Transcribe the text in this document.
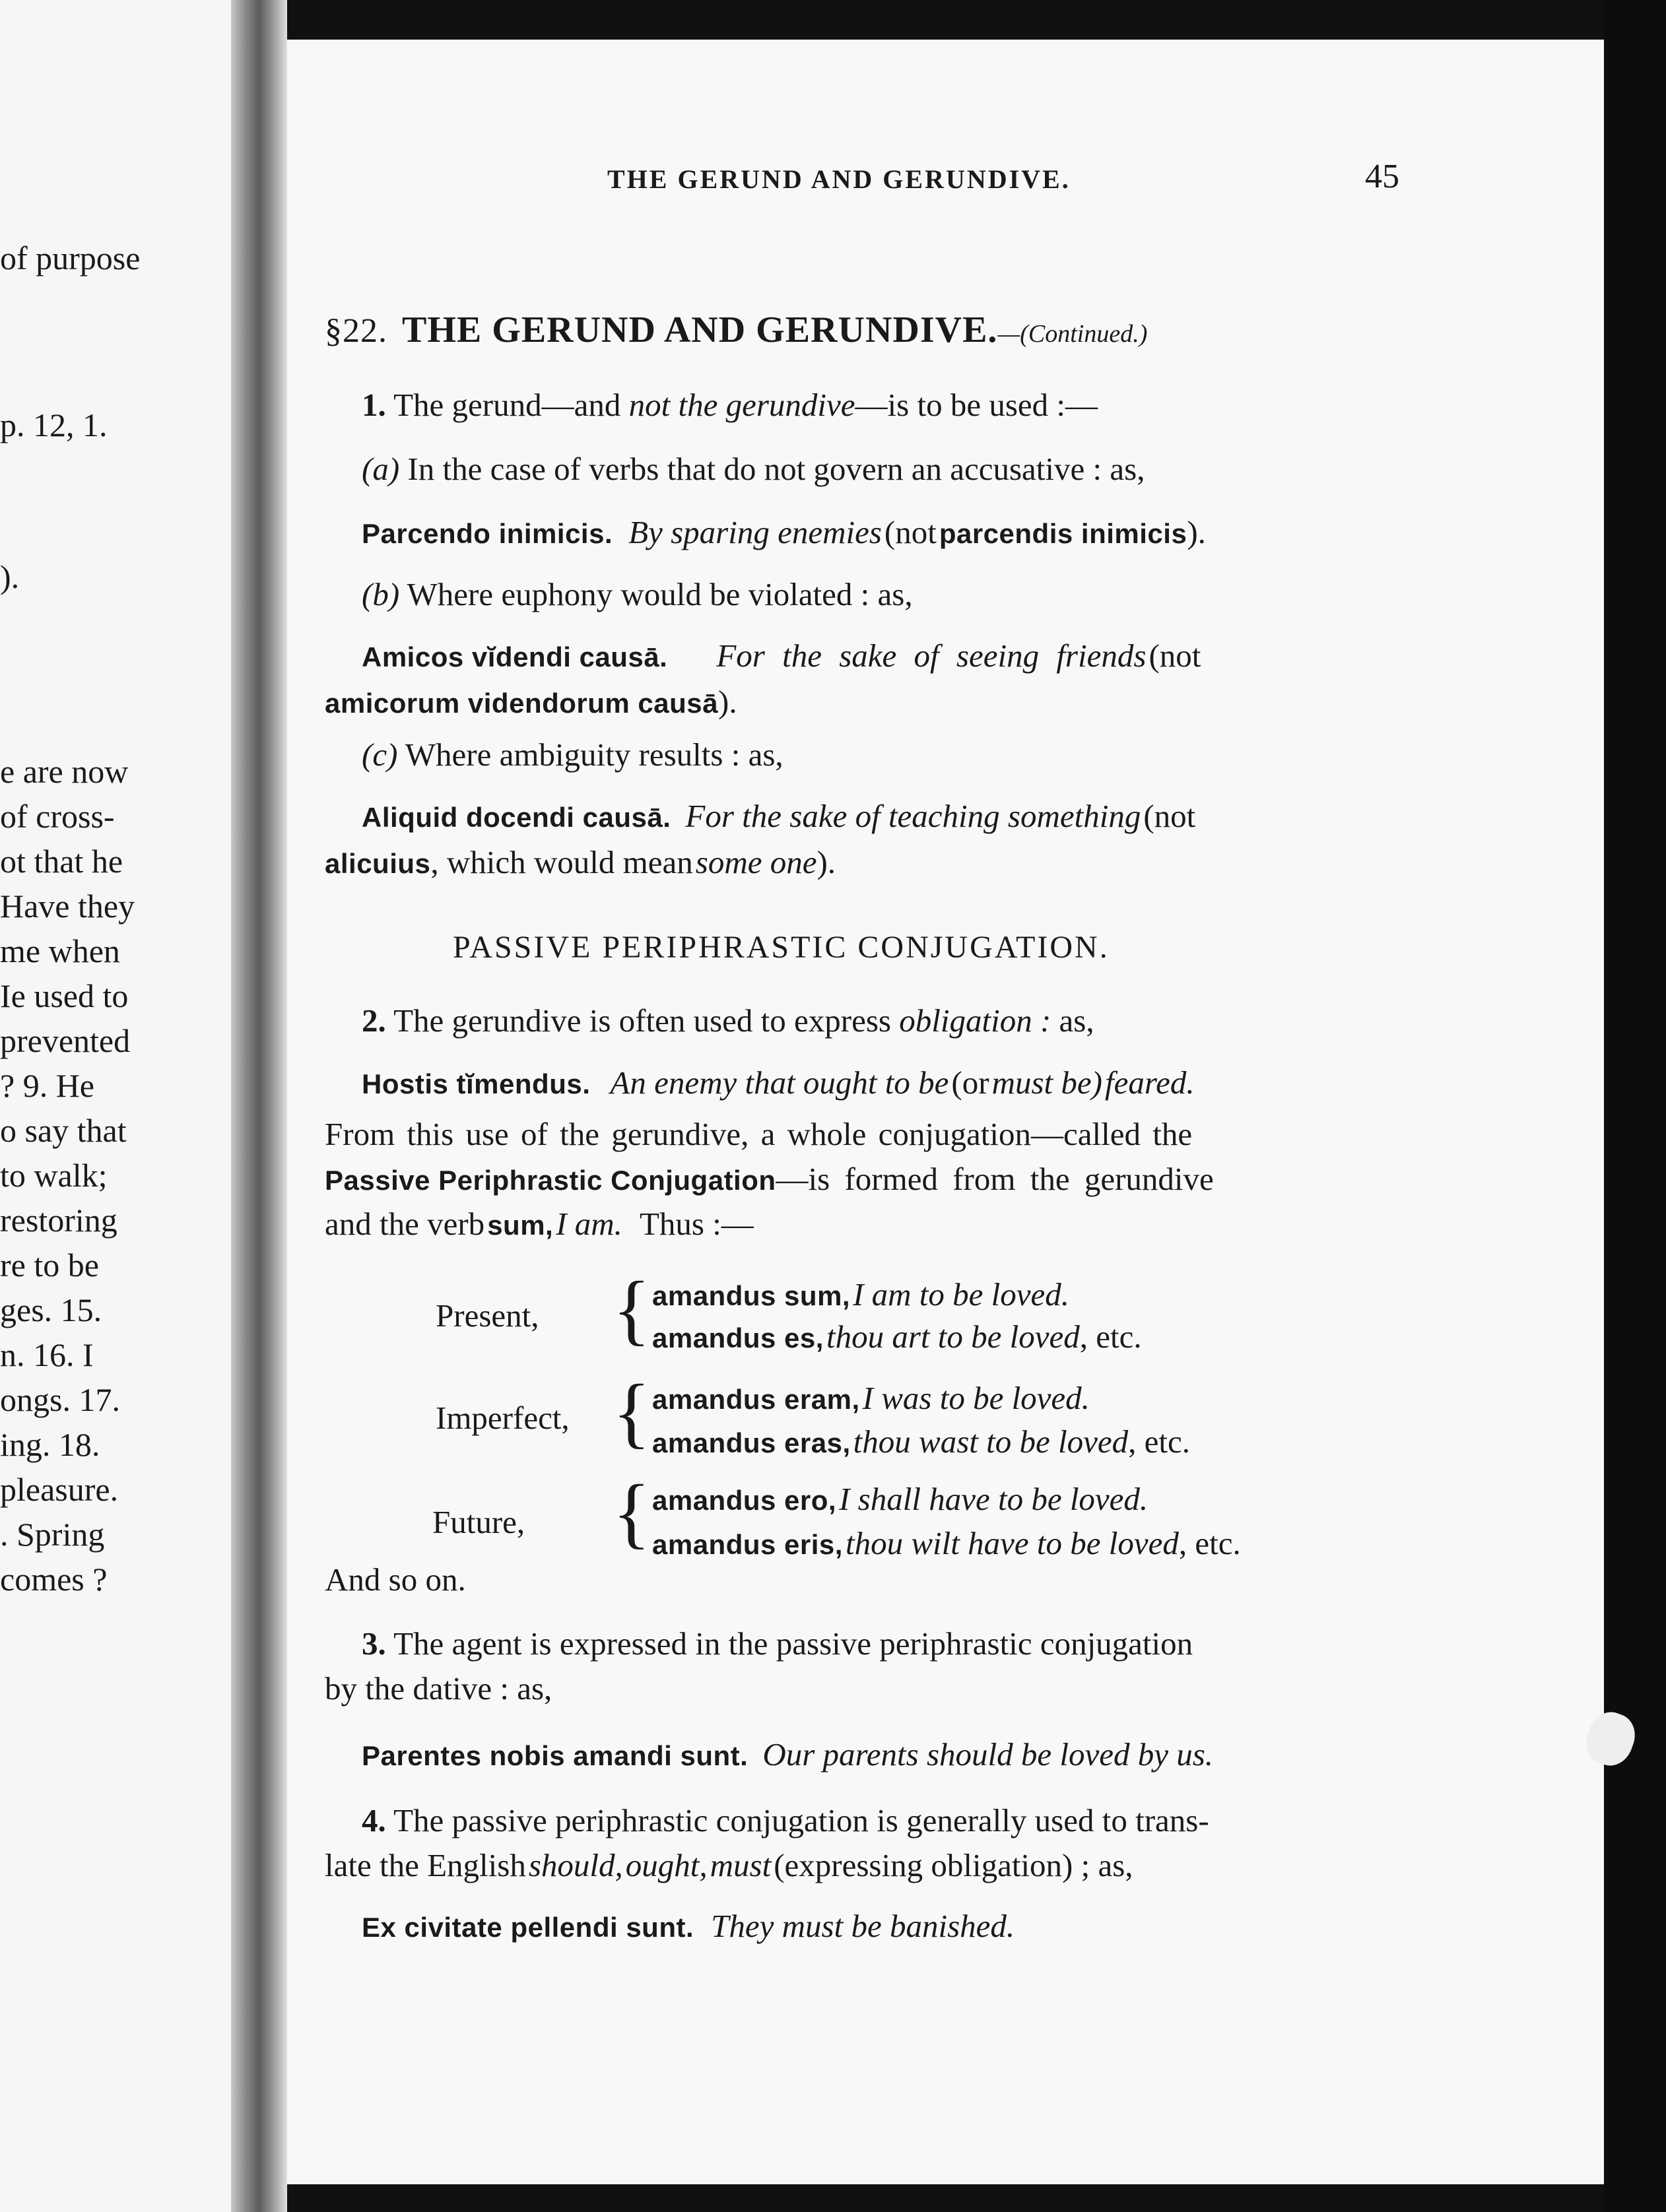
of purpose
p. 12, 1.
).
e are now
of cross-
ot that he
Have they
me when
Ie used to
prevented
? 9. He
o say that
to walk;
restoring
re to be
ges. 15.
n. 16. I
ongs. 17.
ing. 18.
pleasure.
. Spring
comes ?
THE GERUND AND GERUNDIVE.	45
§22. THE GERUND AND GERUNDIVE.—(Continued.)
1. The gerund—and not the gerundive—is to be used :—
(a) In the case of verbs that do not govern an accusative : as,
Parcendo inimicis. By sparing enemies (not parcendis inimicis).
(b) Where euphony would be violated : as,
Amicos vĭdendi causā. For the sake of seeing friends (not
amicorum videndorum causā).
(c) Where ambiguity results : as,
Aliquid docendi causā. For the sake of teaching something (not
alicuius, which would mean some one).
PASSIVE PERIPHRASTIC CONJUGATION.
2. The gerundive is often used to express obligation : as,
Hostis tĭmendus. An enemy that ought to be (or must be) feared.
From this use of the gerundive, a whole conjugation—called the
Passive Periphrastic Conjugation—is formed from the gerundive
and the verb sum, I am. Thus :—
Present, { amandus sum, I am to be loved.
amandus es, thou art to be loved, etc.
Imperfect, { amandus eram, I was to be loved.
amandus eras, thou wast to be loved, etc.
Future, { amandus ero, I shall have to be loved.
amandus eris, thou wilt have to be loved, etc.
And so on.
3. The agent is expressed in the passive periphrastic conjugation
by the dative : as,
Parentes nobis amandi sunt. Our parents should be loved by us.
4. The passive periphrastic conjugation is generally used to trans-
late the English should, ought, must (expressing obligation) ; as,
Ex civitate pellendi sunt. They must be banished.
